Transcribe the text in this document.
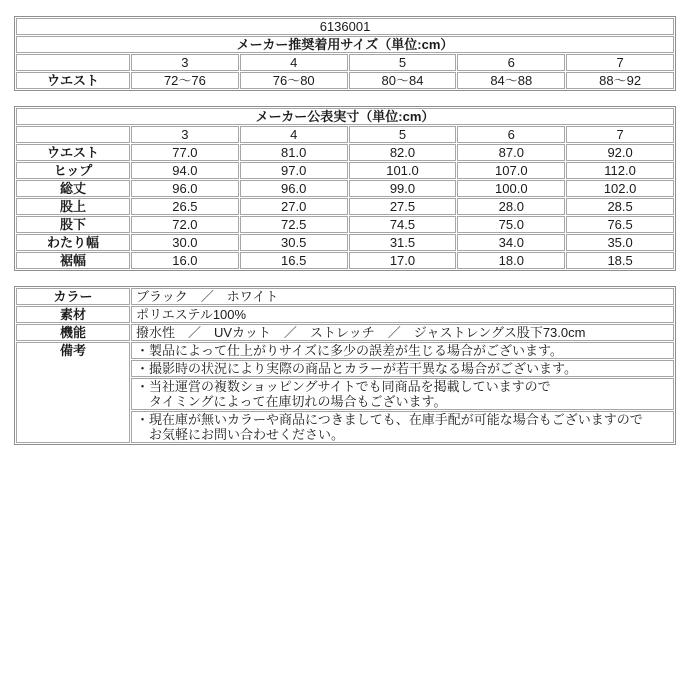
6136001					
メーカー推奨着用サイズ（単位:cm）					
	3	4	5	6	7
ウエスト	72～76	76～80	80～84	84～88	88～92
メーカー公表実寸（単位:cm）					
	3	4	5	6	7
ウエスト	77.0	81.0	82.0	87.0	92.0
ヒップ	94.0	97.0	101.0	107.0	112.0
総丈	96.0	96.0	99.0	100.0	102.0
股上	26.5	27.0	27.5	28.0	28.5
股下	72.0	72.5	74.5	75.0	76.5
わたり幅	30.0	30.5	31.5	34.0	35.0
裾幅	16.0	16.5	17.0	18.0	18.5
カラー	ブラック　／　ホワイト
素材	ポリエステル100%
機能	撥水性　／　UVカット　／　ストレッチ　／　ジャストレングス股下73.0cm
備考	・製品によって仕上がりサイズに多少の誤差が生じる場合がございます。
	・撮影時の状況により実際の商品とカラーが若干異なる場合がございます。

	・当社運営の複数ショッピングサイトでも同商品を掲載していますので
　タイミングによって在庫切れの場合もございます。

	・現在庫が無いカラーや商品につきましても、在庫手配が可能な場合もございますので
　お気軽にお問い合わせください。
